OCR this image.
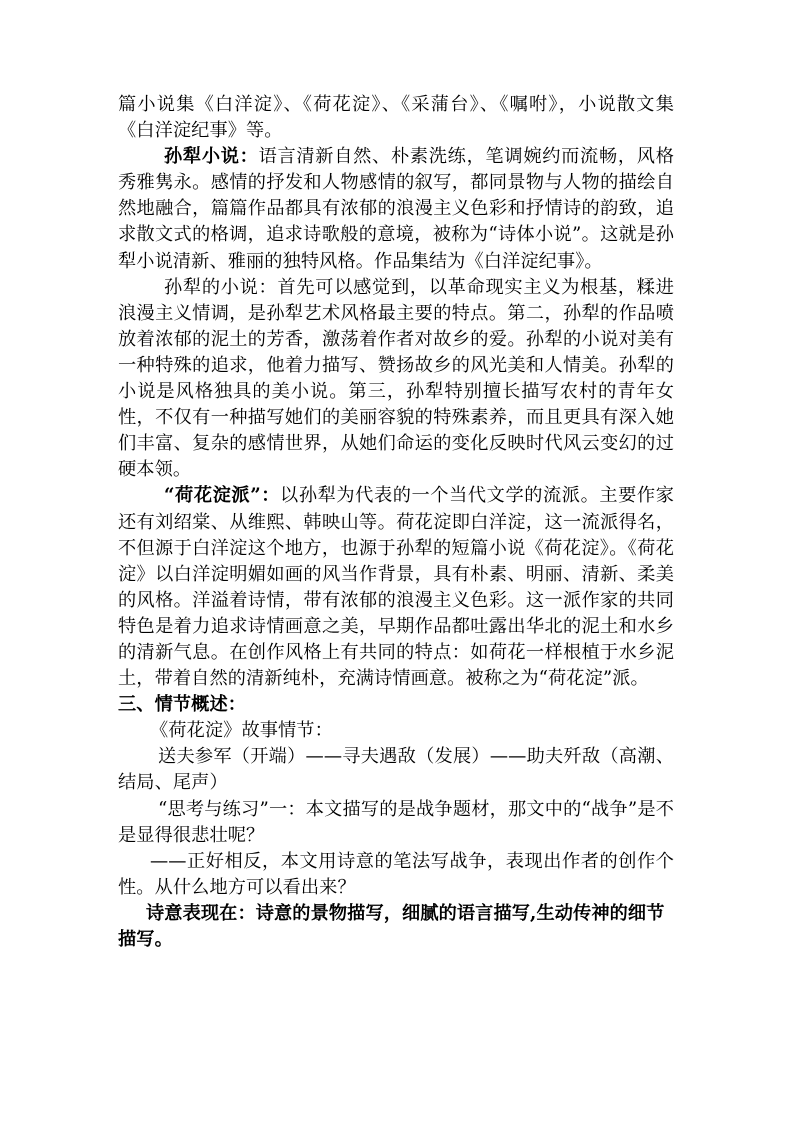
篇小说集《白洋淀》、《荷花淀》、《采蒲台》、《嘱咐》，小说散文集《白洋淀纪事》等。

孙犁小说：语言清新自然、朴素洗练，笔调婉约而流畅，风格秀雅隽永。感情的抒发和人物感情的叙写，都同景物与人物的描绘自然地融合，篇篇作品都具有浓郁的浪漫主义色彩和抒情诗的韵致，追求散文式的格调，追求诗歌般的意境，被称为“诗体小说”。这就是孙犁小说清新、雅丽的独特风格。作品集结为《白洋淀纪事》。

孙犁的小说：首先可以感觉到，以革命现实主义为根基，糅进浪漫主义情调，是孙犁艺术风格最主要的特点。第二，孙犁的作品喷放着浓郁的泥土的芳香，激荡着作者对故乡的爱。孙犁的小说对美有一种特殊的追求，他着力描写、赞扬故乡的风光美和人情美。孙犁的小说是风格独具的美小说。第三，孙犁特别擅长描写农村的青年女性，不仅有一种描写她们的美丽容貌的特殊素养，而且更具有深入她们丰富、复杂的感情世界，从她们命运的变化反映时代风云变幻的过硬本领。

“荷花淀派”：以孙犁为代表的一个当代文学的流派。主要作家还有刘绍棠、从维熙、韩映山等。荷花淀即白洋淀，这一流派得名，不但源于白洋淀这个地方，也源于孙犁的短篇小说《荷花淀》。《荷花淀》以白洋淀明媚如画的风当作背景，具有朴素、明丽、清新、柔美的风格。洋溢着诗情，带有浓郁的浪漫主义色彩。这一派作家的共同特色是着力追求诗情画意之美，早期作品都吐露出华北的泥土和水乡的清新气息。在创作风格上有共同的特点：如荷花一样根植于水乡泥土，带着自然的清新纯朴，充满诗情画意。被称之为“荷花淀”派。

三、情节概述：

《荷花淀》故事情节：

送夫参军（开端）——寻夫遇敌（发展）——助夫歼敌（高潮、结局、尾声）

“思考与练习”一：本文描写的是战争题材，那文中的“战争”是不是显得很悲壮呢？

——正好相反，本文用诗意的笔法写战争，表现出作者的创作个性。从什么地方可以看出来？

诗意表现在：诗意的景物描写，细腻的语言描写,生动传神的细节描写。
